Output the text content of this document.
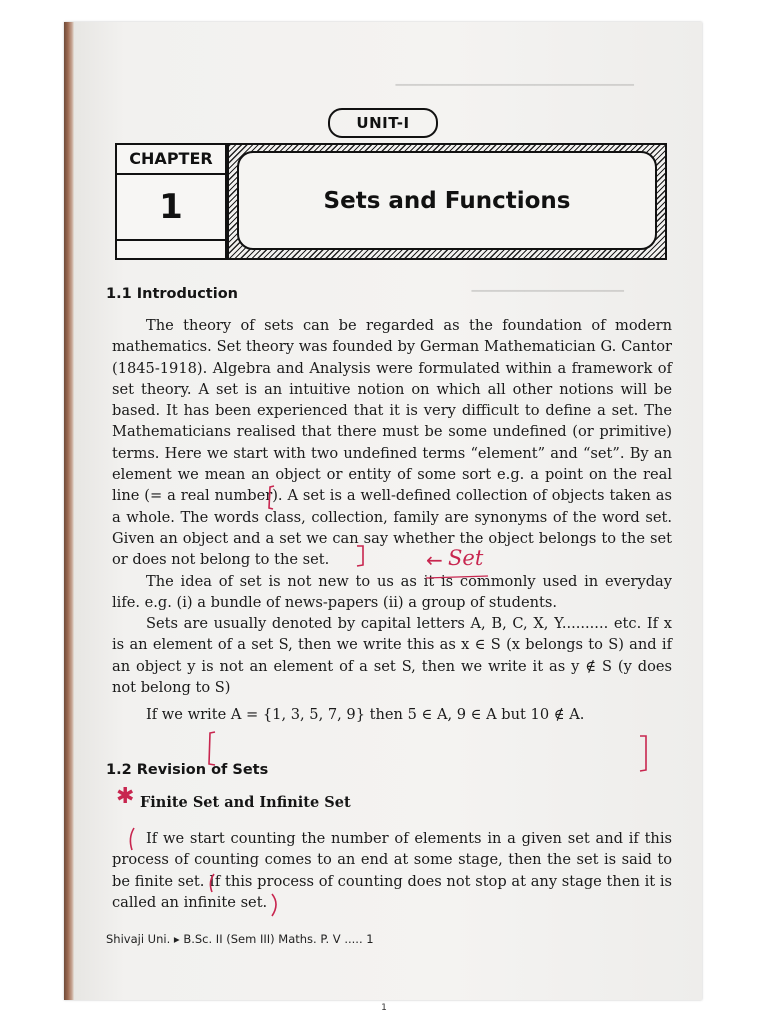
━━━━━━━━━━━━━━━━━━━━━━━━━━━━━━━━━━━━
━━━━━━━━━━━━━━━━━━━━━━━
UNIT-I
CHAPTER
1	Sets and Functions
1.1 Introduction

The theory of sets can be regarded as the foundation of modern mathematics. Set theory was founded by German Mathematician G. Cantor (1845-1918). Algebra and Analysis were formulated within a framework of set theory. A set is an intuitive notion on which all other notions will be based. It has been experienced that it is very difficult to define a set. The Mathematicians realised that there must be some undefined (or primitive) terms. Here we start with two undefined terms “element” and “set”. By an element we mean an object or entity of some sort e.g. a point on the real line (= a real number). A set is a well-defined collection of objects taken as a whole. The words class, collection, family are synonyms of the word set. Given an object and a set we can say whether the object belongs to the set or does not belong to the set.

The idea of set is not new to us as it is commonly used in everyday life. e.g. (i) a bundle of news-papers (ii) a group of students.

Sets are usually denoted by capital letters A, B, C, X, Y.......... etc. If x is an element of a set S, then we write this as x ∈ S (x belongs to S) and if an object y is not an element of a set S, then we write it as y ∉ S (y does not belong to S)

If we write A = {1, 3, 5, 7, 9} then 5 ∈ A, 9 ∈ A but 10 ∉ A.

1.2 Revision of Sets
✱ Finite Set and Infinite Set

If we start counting the number of elements in a given set and if this process of counting comes to an end at some stage, then the set is said to be finite set. If this process of counting does not stop at any stage then it is called an infinite set.

← Set
Shivaji Uni. ▸ B.Sc. II (Sem III) Maths. P. V ..... 1
1
